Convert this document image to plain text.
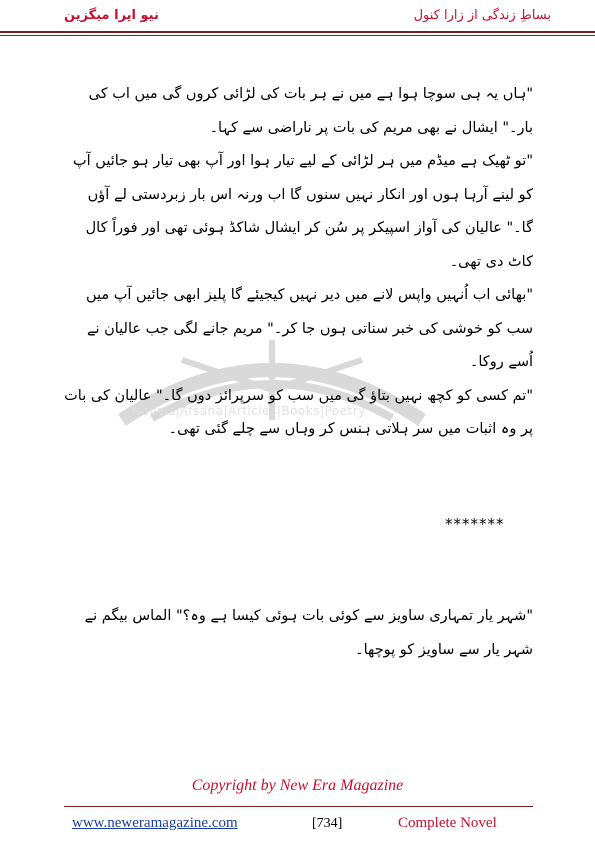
نیو ایرا میگزین	بساطِ زندگی از زارا کنول
Novels|Afsana|Articles|Books|Poetry

"ہاں یہ ہی سوچا ہوا ہے میں نے ہر بات کی لڑائی کروں گی میں اب کی بار۔" ایشال نے بھی مریم کی بات پر ناراضی سے کہا۔

"تو ٹھیک ہے میڈم میں ہر لڑائی کے لیے تیار ہوا اور آپ بھی تیار ہو جائیں آپ کو لینے آرہا ہوں اور انکار نہیں سنوں گا اب ورنہ اس بار زبردستی لے آؤں گا۔" عالیان کی آواز اسپیکر پر سُن کر ایشال شاکڈ ہوئی تھی اور فوراً کال کاٹ دی تھی۔

"بھائی اب اُنہیں واپس لانے میں دیر نہیں کیجیئے گا پلیز ابھی جائیں آپ میں سب کو خوشی کی خبر سناتی ہوں جا کر۔" مریم جانے لگی جب عالیان نے اُسے روکا۔

"تم کسی کو کچھ نہیں بتاؤ گی میں سب کو سرپرائز دوں گا۔" عالیان کی بات پر وہ اثبات میں سر ہلاتی ہنس کر وہاں سے چلے گئی تھی۔

*******

"شہر یار تمہاری ساویز سے کوئی بات ہوئی کیسا ہے وہ؟" الماس بیگم نے شہر یار سے ساویز کو پوچھا۔

Copyright by New Era Magazine
www.neweramagazine.com	[734]	Complete Novel
